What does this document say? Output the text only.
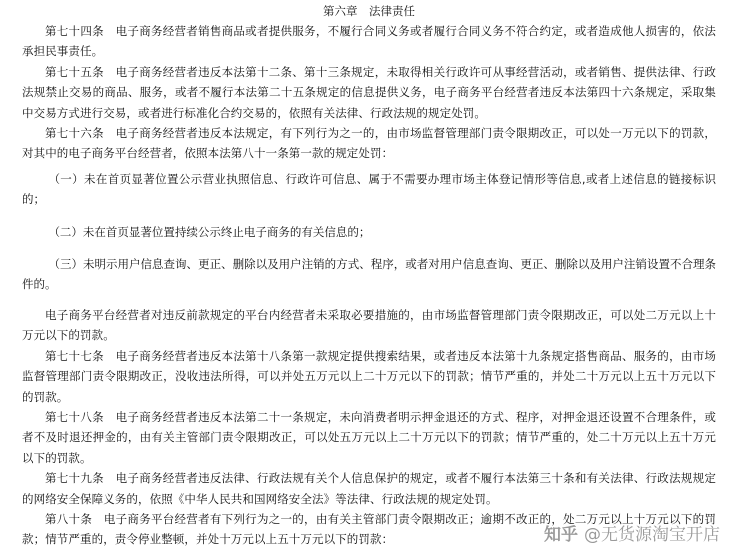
第六章　法律责任

第七十四条　电子商务经营者销售商品或者提供服务，不履行合同义务或者履行合同义务不符合约定，或者造成他人损害的，依法承担民事责任。

第七十五条　电子商务经营者违反本法第十二条、第十三条规定，未取得相关行政许可从事经营活动，或者销售、提供法律、行政法规禁止交易的商品、服务，或者不履行本法第二十五条规定的信息提供义务，电子商务平台经营者违反本法第四十六条规定，采取集中交易方式进行交易，或者进行标准化合约交易的，依照有关法律、行政法规的规定处罚。

第七十六条　电子商务经营者违反本法规定，有下列行为之一的，由市场监督管理部门责令限期改正，可以处一万元以下的罚款，对其中的电子商务平台经营者，依照本法第八十一条第一款的规定处罚：

（一）未在首页显著位置公示营业执照信息、行政许可信息、属于不需要办理市场主体登记情形等信息,或者上述信息的链接标识的；

（二）未在首页显著位置持续公示终止电子商务的有关信息的；

（三）未明示用户信息查询、更正、删除以及用户注销的方式、程序，或者对用户信息查询、更正、删除以及用户注销设置不合理条件的。

电子商务平台经营者对违反前款规定的平台内经营者未采取必要措施的，由市场监督管理部门责令限期改正，可以处二万元以上十万元以下的罚款。

第七十七条　电子商务经营者违反本法第十八条第一款规定提供搜索结果，或者违反本法第十九条规定搭售商品、服务的，由市场监督管理部门责令限期改正，没收违法所得，可以并处五万元以上二十万元以下的罚款；情节严重的，并处二十万元以上五十万元以下的罚款。

第七十八条　电子商务经营者违反本法第二十一条规定，未向消费者明示押金退还的方式、程序，对押金退还设置不合理条件，或者不及时退还押金的，由有关主管部门责令限期改正，可以处五万元以上二十万元以下的罚款；情节严重的，处二十万元以上五十万元以下的罚款。

第七十九条　电子商务经营者违反法律、行政法规有关个人信息保护的规定，或者不履行本法第三十条和有关法律、行政法规规定的网络安全保障义务的，依照《中华人民共和国网络安全法》等法律、行政法规的规定处罚。

第八十条　电子商务平台经营者有下列行为之一的，由有关主管部门责令限期改正；逾期不改正的，处二万元以上十万元以下的罚款；情节严重的，责令停业整顿，并处十万元以上五十万元以下的罚款：	知乎 @无货源淘宝开店
